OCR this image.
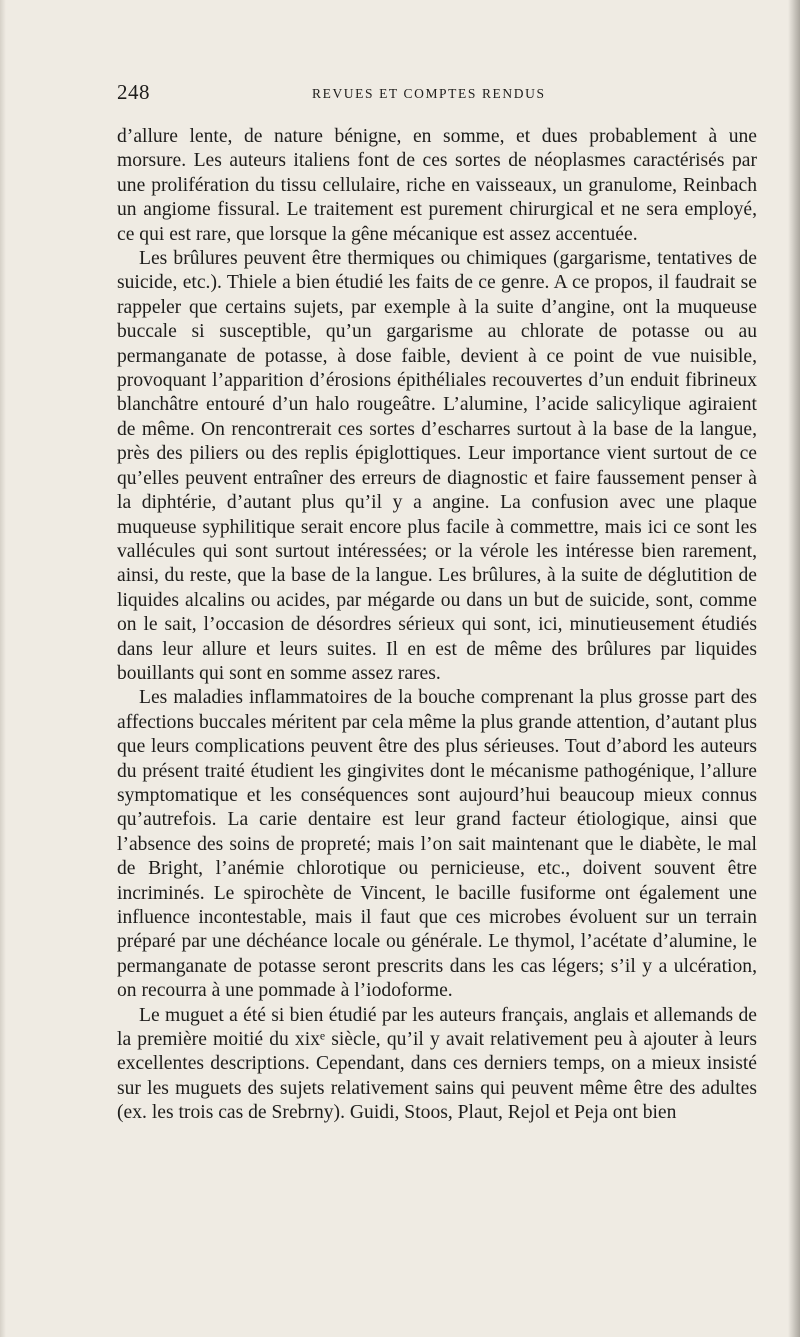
248	REVUES ET COMPTES RENDUS

d’allure lente, de nature bénigne, en somme, et dues probablement à une morsure. Les auteurs italiens font de ces sortes de néoplasmes caractérisés par une prolifération du tissu cellulaire, riche en vaisseaux, un granulome, Reinbach un angiome fissural. Le traitement est purement chirurgical et ne sera employé, ce qui est rare, que lorsque la gêne mécanique est assez accentuée.

Les brûlures peuvent être thermiques ou chimiques (gargarisme, tentatives de suicide, etc.). Thiele a bien étudié les faits de ce genre. A ce propos, il faudrait se rappeler que certains sujets, par exemple à la suite d’angine, ont la muqueuse buccale si susceptible, qu’un gargarisme au chlorate de potasse ou au permanganate de potasse, à dose faible, devient à ce point de vue nuisible, provoquant l’apparition d’érosions épithéliales recouvertes d’un enduit fibrineux blanchâtre entouré d’un halo rougeâtre. L’alumine, l’acide salicylique agiraient de même. On rencontrerait ces sortes d’escharres surtout à la base de la langue, près des piliers ou des replis épiglottiques. Leur importance vient surtout de ce qu’elles peuvent entraîner des erreurs de diagnostic et faire faussement penser à la diphtérie, d’autant plus qu’il y a angine. La confusion avec une plaque muqueuse syphilitique serait encore plus facile à commettre, mais ici ce sont les vallécules qui sont surtout intéressées; or la vérole les intéresse bien rarement, ainsi, du reste, que la base de la langue. Les brûlures, à la suite de déglutition de liquides alcalins ou acides, par mégarde ou dans un but de suicide, sont, comme on le sait, l’occasion de désordres sérieux qui sont, ici, minutieusement étudiés dans leur allure et leurs suites. Il en est de même des brûlures par liquides bouillants qui sont en somme assez rares.

Les maladies inflammatoires de la bouche comprenant la plus grosse part des affections buccales méritent par cela même la plus grande attention, d’autant plus que leurs complications peuvent être des plus sérieuses. Tout d’abord les auteurs du présent traité étudient les gingivites dont le mécanisme pathogénique, l’allure symptomatique et les conséquences sont aujourd’hui beaucoup mieux connus qu’autrefois. La carie dentaire est leur grand facteur étiologique, ainsi que l’absence des soins de propreté; mais l’on sait maintenant que le diabète, le mal de Bright, l’anémie chlorotique ou pernicieuse, etc., doivent souvent être incriminés. Le spirochète de Vincent, le bacille fusiforme ont également une influence incontestable, mais il faut que ces microbes évoluent sur un terrain préparé par une déchéance locale ou générale. Le thymol, l’acétate d’alumine, le permanganate de potasse seront prescrits dans les cas légers; s’il y a ulcération, on recourra à une pommade à l’iodoforme.

Le muguet a été si bien étudié par les auteurs français, anglais et allemands de la première moitié du xixᵉ siècle, qu’il y avait relativement peu à ajouter à leurs excellentes descriptions. Cependant, dans ces derniers temps, on a mieux insisté sur les muguets des sujets relativement sains qui peuvent même être des adultes (ex. les trois cas de Srebrny). Guidi, Stoos, Plaut, Rejol et Peja ont bien
